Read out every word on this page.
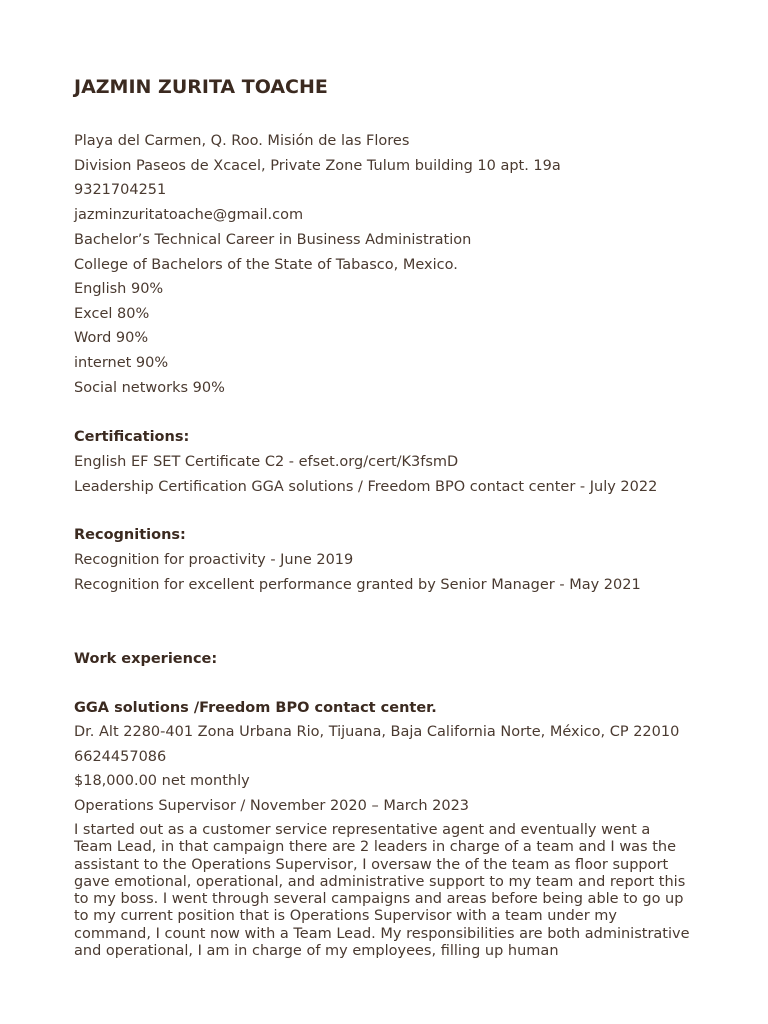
JAZMIN ZURITA TOACHE
Playa del Carmen, Q. Roo. Misión de las Flores
Division Paseos de Xcacel, Private Zone Tulum building 10 apt. 19a
9321704251
jazminzuritatoache@gmail.com
Bachelor’s Technical Career in Business Administration
College of Bachelors of the State of Tabasco, Mexico.
English 90%
Excel 80%
Word 90%
internet 90%
Social networks 90%
Certifications:
English EF SET Certificate C2 - efset.org/cert/K3fsmD
Leadership Certification GGA solutions / Freedom BPO contact center - July 2022
Recognitions:
Recognition for proactivity - June 2019
Recognition for excellent performance granted by Senior Manager - May 2021
Work experience:
GGA solutions /Freedom BPO contact center.
Dr. Alt 2280-401 Zona Urbana Rio, Tijuana, Baja California Norte, México, CP 22010
6624457086
$18,000.00 net monthly
Operations Supervisor / November 2020 – March 2023

I started out as a customer service representative agent and eventually went a Team Lead, in that campaign there are 2 leaders in charge of a team and I was the assistant to the Operations Supervisor, I oversaw the of the team as floor support gave emotional, operational, and administrative support to my team and report this to my boss. I went through several campaigns and areas before being able to go up to my current position that is Operations Supervisor with a team under my command, I count now with a Team Lead. My responsibilities are both administrative and operational, I am in charge of my employees, filling up human
